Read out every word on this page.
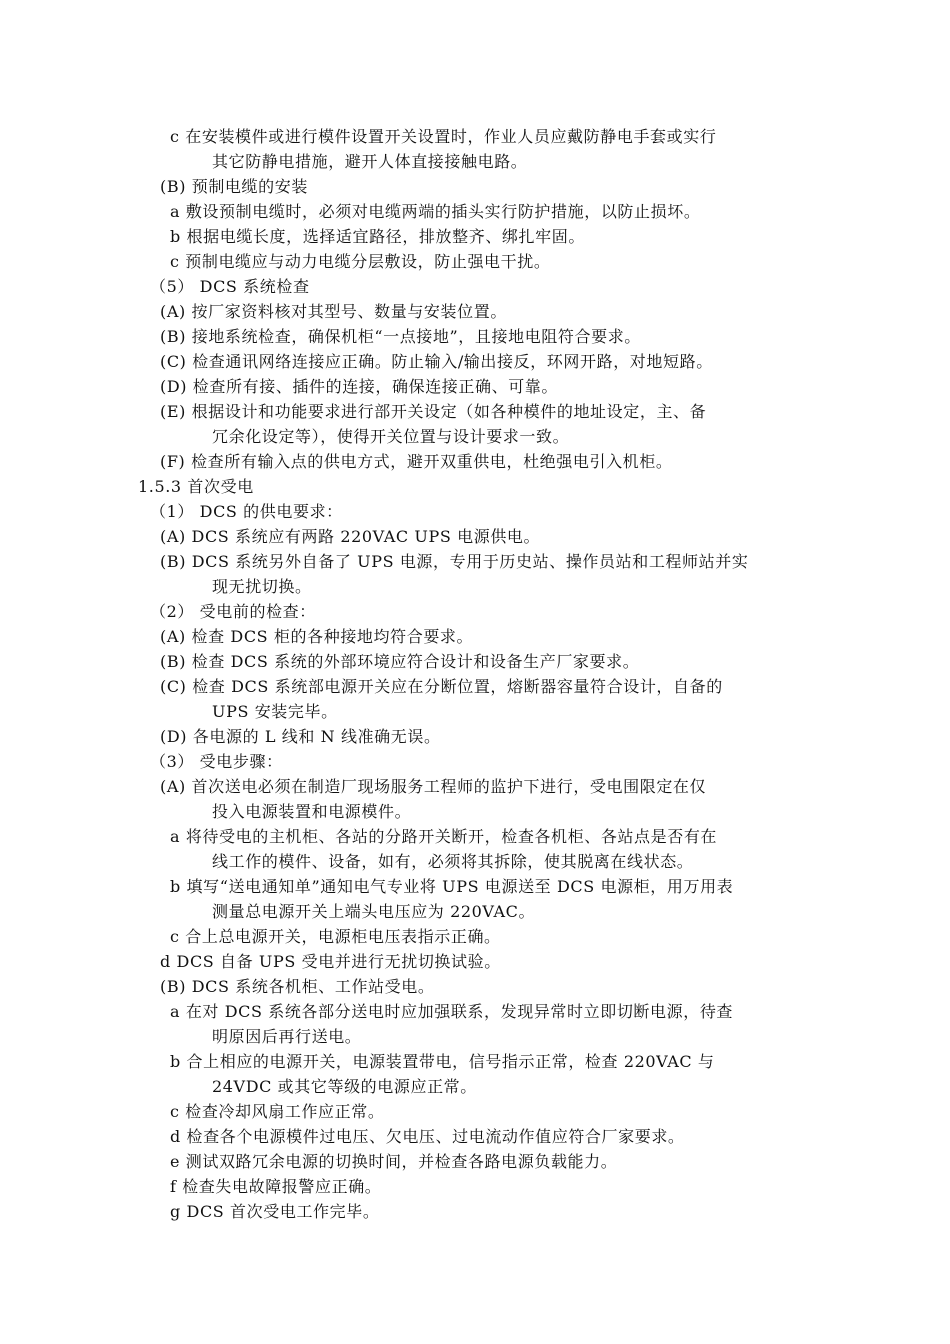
c 在安装模件或进行模件设置开关设置时，作业人员应戴防静电手套或实行
其它防静电措施，避开人体直接接触电路。
(B) 预制电缆的安装
a 敷设预制电缆时，必须对电缆两端的插头实行防护措施，以防止损坏。
b 根据电缆长度，选择适宜路径，排放整齐、绑扎牢固。
c 预制电缆应与动力电缆分层敷设，防止强电干扰。
（5） DCS 系统检查
(A) 按厂家资料核对其型号、数量与安装位置。
(B) 接地系统检查，确保机柜“一点接地”，且接地电阻符合要求。
(C) 检查通讯网络连接应正确。防止输入/输出接反，环网开路，对地短路。
(D) 检查所有接、插件的连接，确保连接正确、可靠。
(E) 根据设计和功能要求进行部开关设定（如各种模件的地址设定，主、备
冗余化设定等），使得开关位置与设计要求一致。
(F) 检查所有输入点的供电方式，避开双重供电，杜绝强电引入机柜。
1.5.3 首次受电
（1） DCS 的供电要求：
(A) DCS 系统应有两路 220VAC UPS 电源供电。
(B) DCS 系统另外自备了 UPS 电源，专用于历史站、操作员站和工程师站并实
现无扰切换。
（2） 受电前的检查：
(A) 检查 DCS 柜的各种接地均符合要求。
(B) 检查 DCS 系统的外部环境应符合设计和设备生产厂家要求。
(C) 检查 DCS 系统部电源开关应在分断位置，熔断器容量符合设计，自备的
UPS 安装完毕。
(D) 各电源的 L 线和 N 线准确无误。
（3） 受电步骤：
(A) 首次送电必须在制造厂现场服务工程师的监护下进行，受电围限定在仅
投入电源装置和电源模件。
a 将待受电的主机柜、各站的分路开关断开，检查各机柜、各站点是否有在
线工作的模件、设备，如有，必须将其拆除，使其脱离在线状态。
b 填写“送电通知单”通知电气专业将 UPS 电源送至 DCS 电源柜，用万用表
测量总电源开关上端头电压应为 220VAC。
c 合上总电源开关，电源柜电压表指示正确。
d DCS 自备 UPS 受电并进行无扰切换试验。
(B) DCS 系统各机柜、工作站受电。
a 在对 DCS 系统各部分送电时应加强联系，发现异常时立即切断电源，待查
明原因后再行送电。
b 合上相应的电源开关，电源装置带电，信号指示正常，检查 220VAC 与
24VDC 或其它等级的电源应正常。
c 检查冷却风扇工作应正常。
d 检查各个电源模件过电压、欠电压、过电流动作值应符合厂家要求。
e 测试双路冗余电源的切换时间，并检查各路电源负载能力。
f 检查失电故障报警应正确。
g DCS 首次受电工作完毕。
